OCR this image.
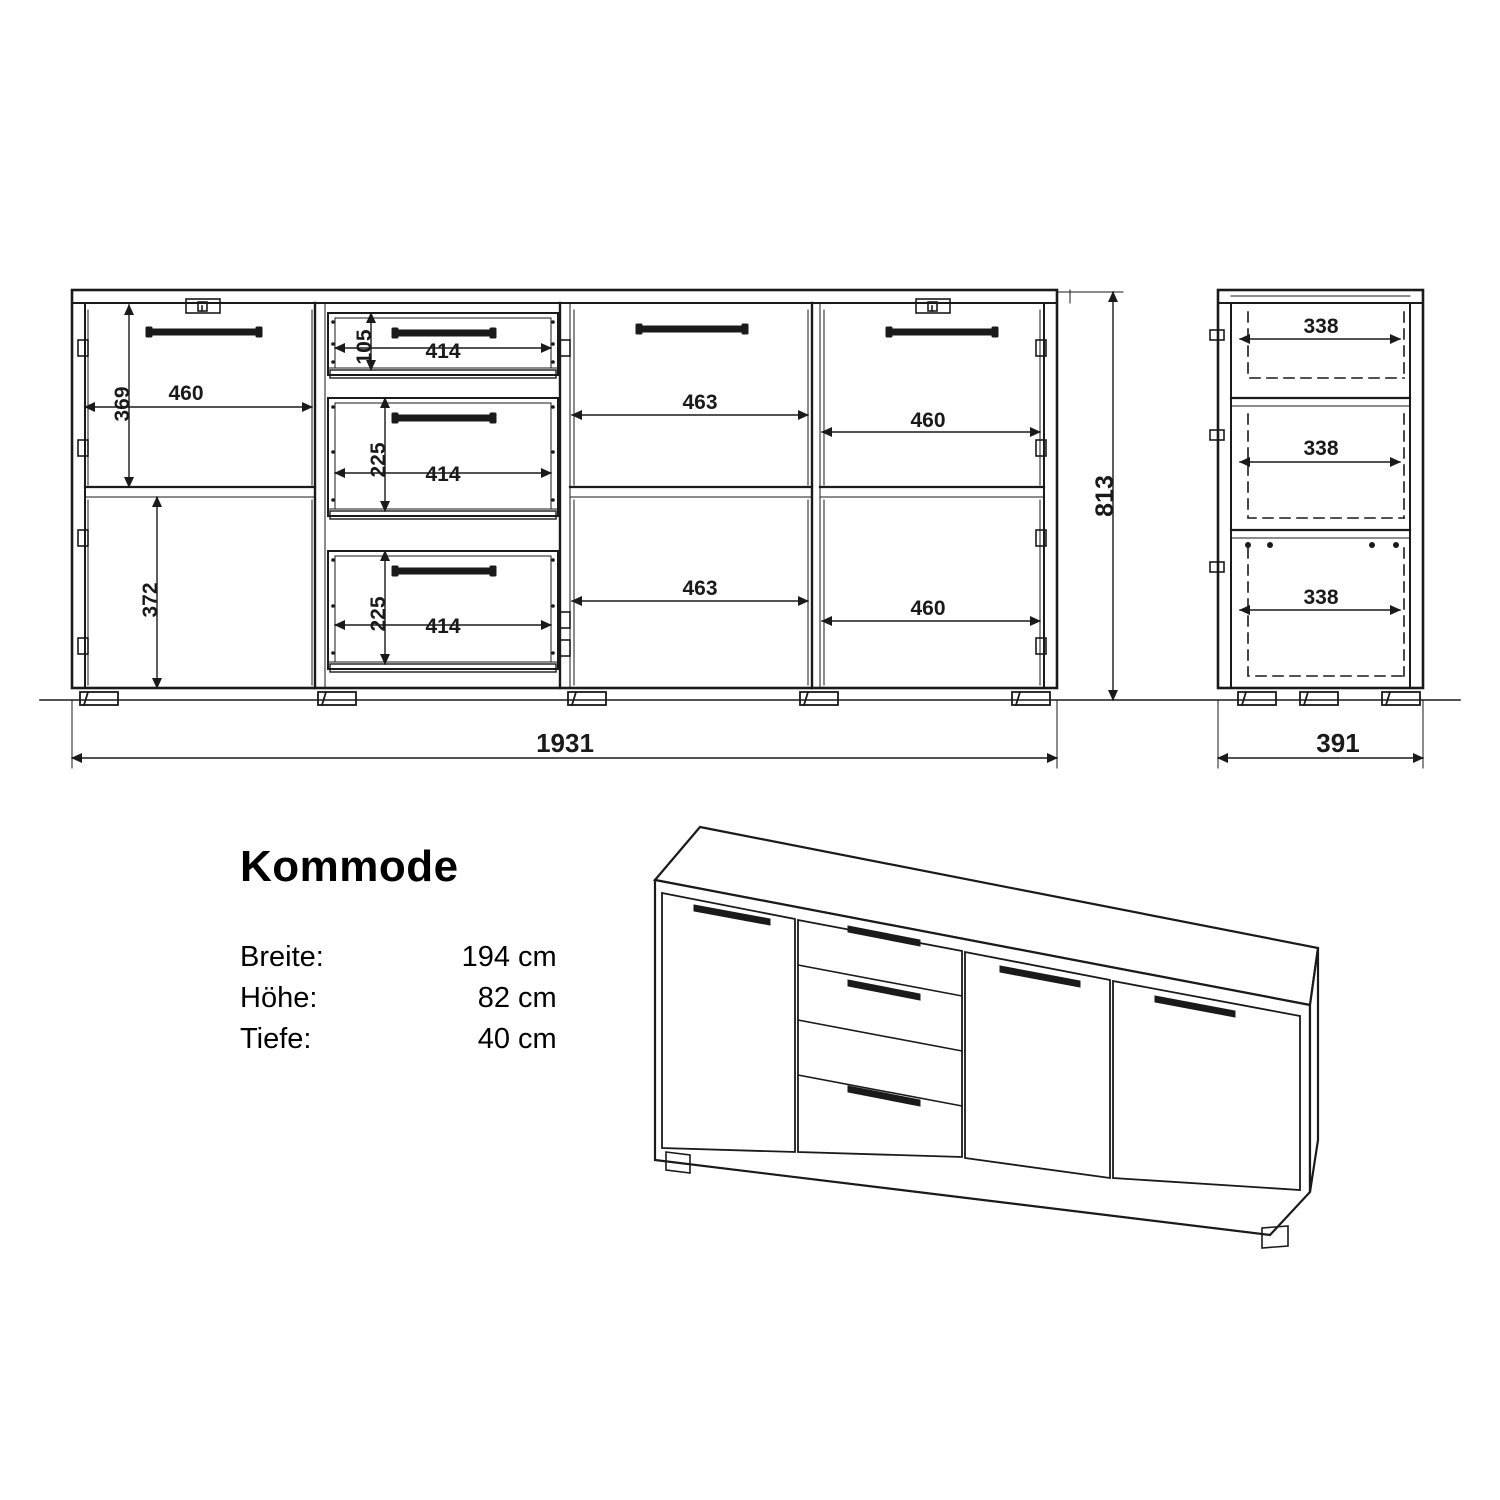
369
372
460
105
225
225
414
414
414
463
463
460
460
813
1931
338
338
338
391
Kommode
Breite:	194 cm
Höhe:	82 cm
Tiefe:	40 cm
